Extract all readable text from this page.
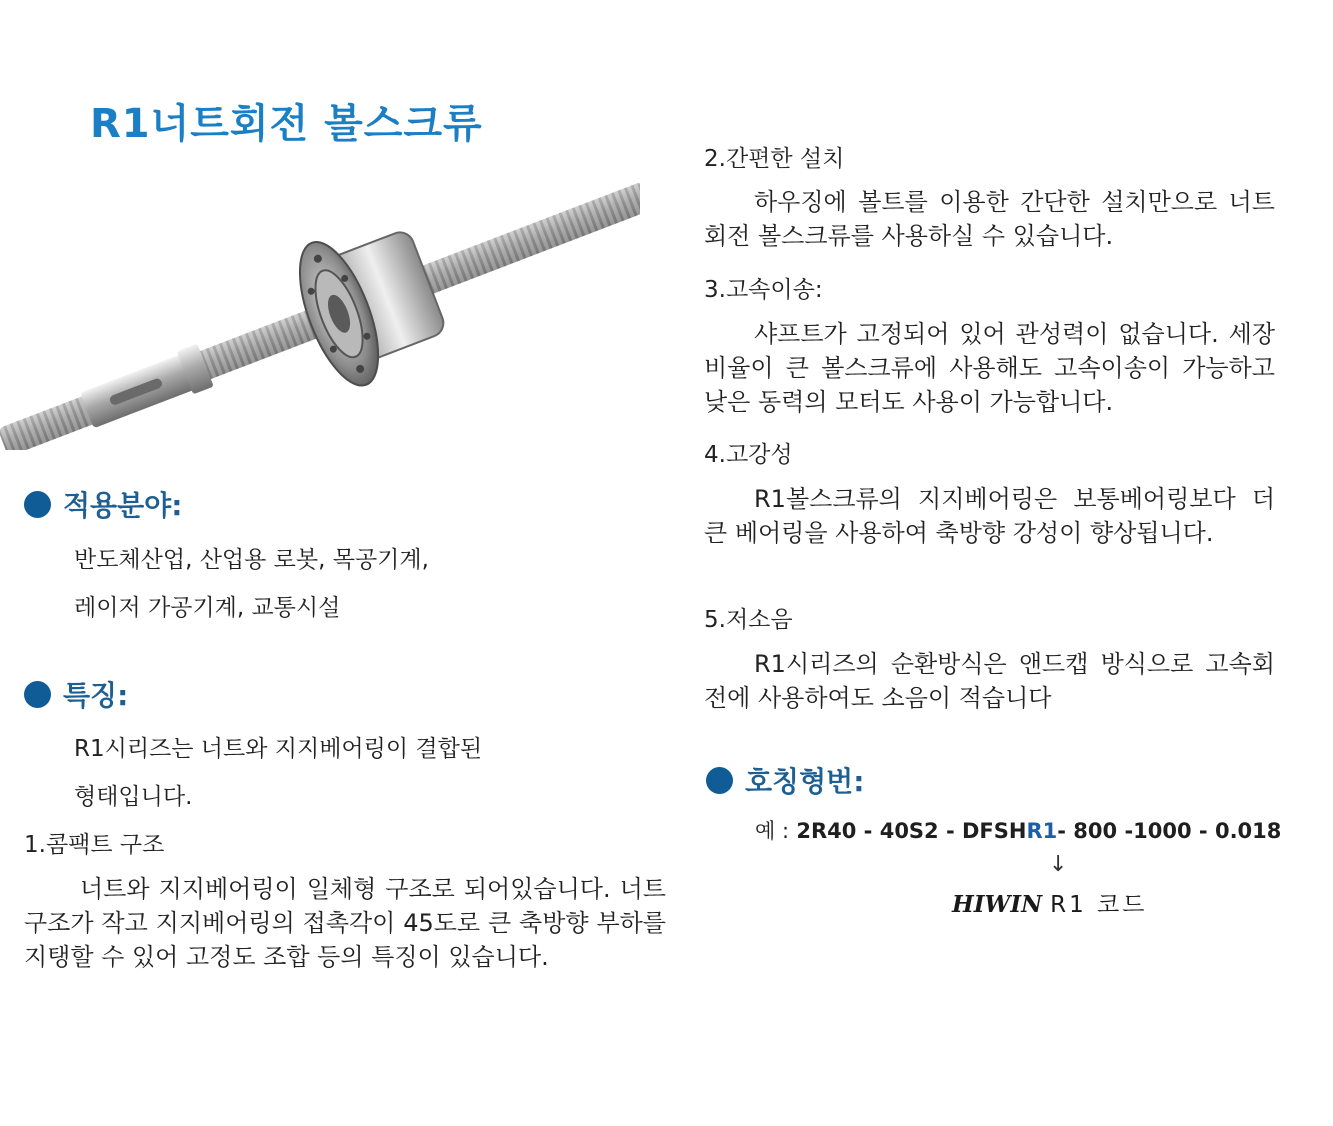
R1너트회전 볼스크류
적용분야:
반도체산업, 산업용 로봇, 목공기계,
레이저 가공기계, 교통시설
특징:
R1시리즈는 너트와 지지베어링이 결합된
형태입니다.
1.콤팩트 구조
너트와 지지베어링이 일체형 구조로 되어있습니다. 너트 구조가 작고 지지베어링의 접촉각이 45도로 큰 축방향 부하를 지탱할 수 있어 고정도 조합 등의 특징이 있습니다.
2.간편한 설치
하우징에 볼트를 이용한 간단한 설치만으로 너트 회전 볼스크류를 사용하실 수 있습니다.
3.고속이송:
샤프트가 고정되어 있어 관성력이 없습니다. 세장비율이 큰 볼스크류에 사용해도 고속이송이 가능하고 낮은 동력의 모터도 사용이 가능합니다.
4.고강성
R1볼스크류의 지지베어링은 보통베어링보다 더 큰 베어링을 사용하여 축방향 강성이 향상됩니다.
5.저소음
R1시리즈의 순환방식은 앤드캡 방식으로 고속회전에 사용하여도 소음이 적습니다
호칭형번:
예 : 2R40 - 40S2 - DFSHR1- 800 -1000 - 0.018
↓
HIWIN R1 코드
